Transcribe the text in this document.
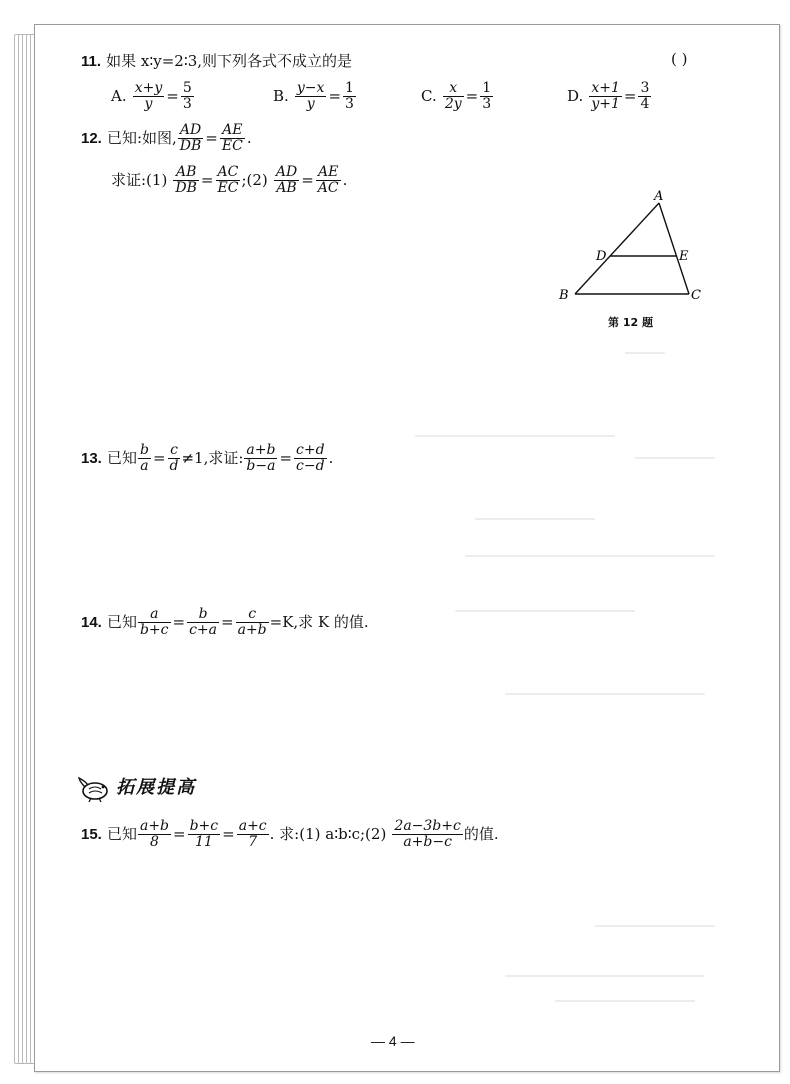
11. 如果 x∶y=2∶3,则下列各式不成立的是	( )
A. $\frac{x+y}{y} = \frac{5}{3}$	B. $\frac{y-x}{y} = \frac{1}{3}$	C. $\frac{x}{2y} = \frac{1}{3}$	D. $\frac{x+1}{y+1} = \frac{3}{4}$
12. 已知:如图, $\frac{AD}{DB} = \frac{AE}{EC}$ .
求证:(1) $\frac{AB}{DB} = \frac{AC}{EC}$ ;(2) $\frac{AD}{AB} = \frac{AE}{AC}$ .
A
B	C
D	E
第 12 题
13. 已知 $\frac{b}{a} = \frac{c}{d} \ne 1$,求证: $\frac{a+b}{b-a} = \frac{c+d}{c-d}$ .
14. 已知 $\frac{a}{b+c} = \frac{b}{c+a} = \frac{c}{a+b} =K$,求 K 的值.
拓展提高
15. 已知 $\frac{a+b}{8} = \frac{b+c}{11} = \frac{a+c}{7}$ . 求:(1) a∶b∶c;(2) $\frac{2a-3b+c}{a+b-c}$ 的值.
— 4 —
